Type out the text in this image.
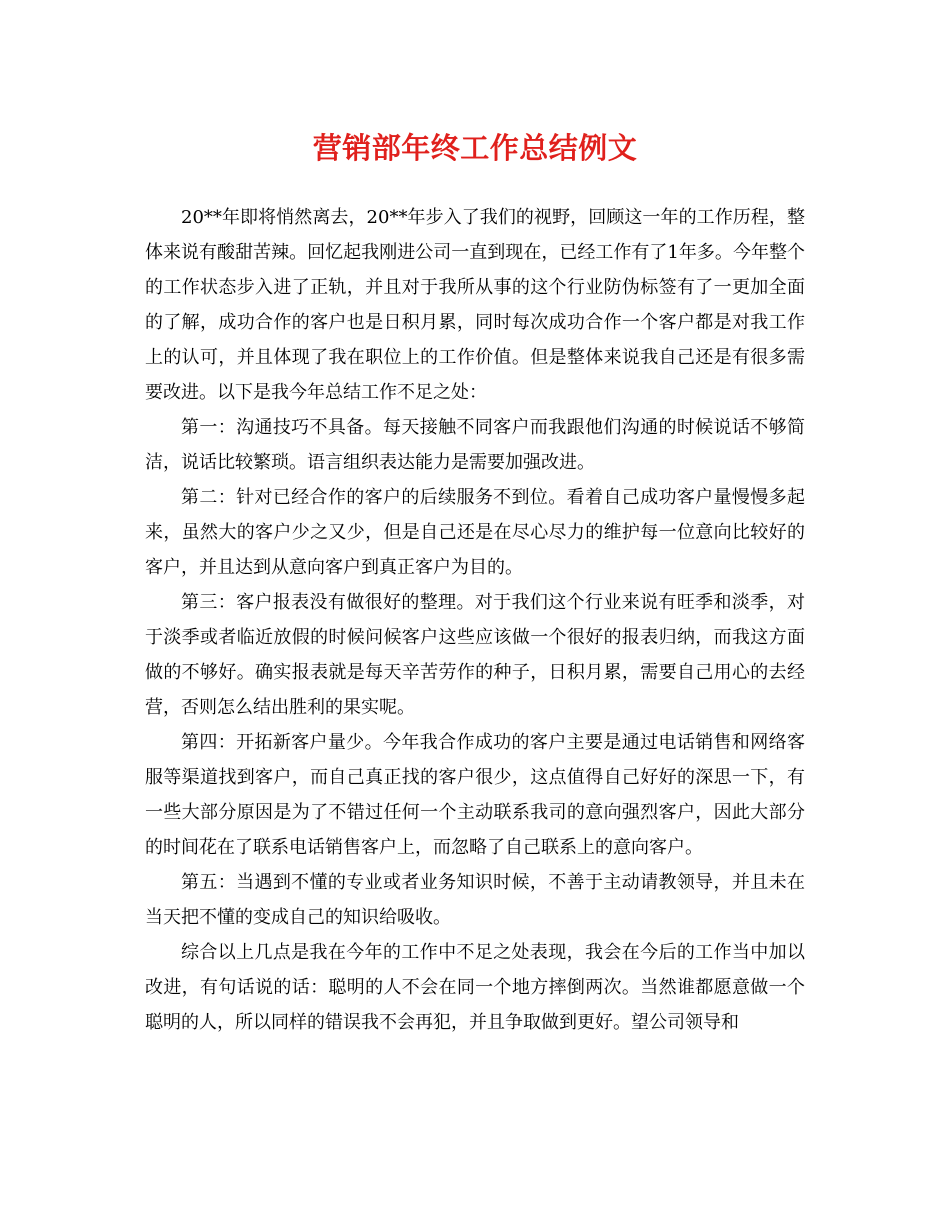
营销部年终工作总结例文

20**年即将悄然离去，20**年步入了我们的视野，回顾这一年的工作历程，整体来说有酸甜苦辣。回忆起我刚进公司一直到现在，已经工作有了1年多。今年整个的工作状态步入进了正轨，并且对于我所从事的这个行业防伪标签有了一更加全面的了解，成功合作的客户也是日积月累，同时每次成功合作一个客户都是对我工作上的认可，并且体现了我在职位上的工作价值。但是整体来说我自己还是有很多需要改进。以下是我今年总结工作不足之处：

第一：沟通技巧不具备。每天接触不同客户而我跟他们沟通的时候说话不够简洁，说话比较繁琐。语言组织表达能力是需要加强改进。

第二：针对已经合作的客户的后续服务不到位。看着自己成功客户量慢慢多起来，虽然大的客户少之又少，但是自己还是在尽心尽力的维护每一位意向比较好的客户，并且达到从意向客户到真正客户为目的。

第三：客户报表没有做很好的整理。对于我们这个行业来说有旺季和淡季，对于淡季或者临近放假的时候问候客户这些应该做一个很好的报表归纳，而我这方面做的不够好。确实报表就是每天辛苦劳作的种子，日积月累，需要自己用心的去经营，否则怎么结出胜利的果实呢。

第四：开拓新客户量少。今年我合作成功的客户主要是通过电话销售和网络客服等渠道找到客户，而自己真正找的客户很少，这点值得自己好好的深思一下，有一些大部分原因是为了不错过任何一个主动联系我司的意向强烈客户，因此大部分的时间花在了联系电话销售客户上，而忽略了自己联系上的意向客户。

第五：当遇到不懂的专业或者业务知识时候，不善于主动请教领导，并且未在当天把不懂的变成自己的知识给吸收。

综合以上几点是我在今年的工作中不足之处表现，我会在今后的工作当中加以改进，有句话说的话：聪明的人不会在同一个地方摔倒两次。当然谁都愿意做一个聪明的人，所以同样的错误我不会再犯，并且争取做到更好。望公司领导和
